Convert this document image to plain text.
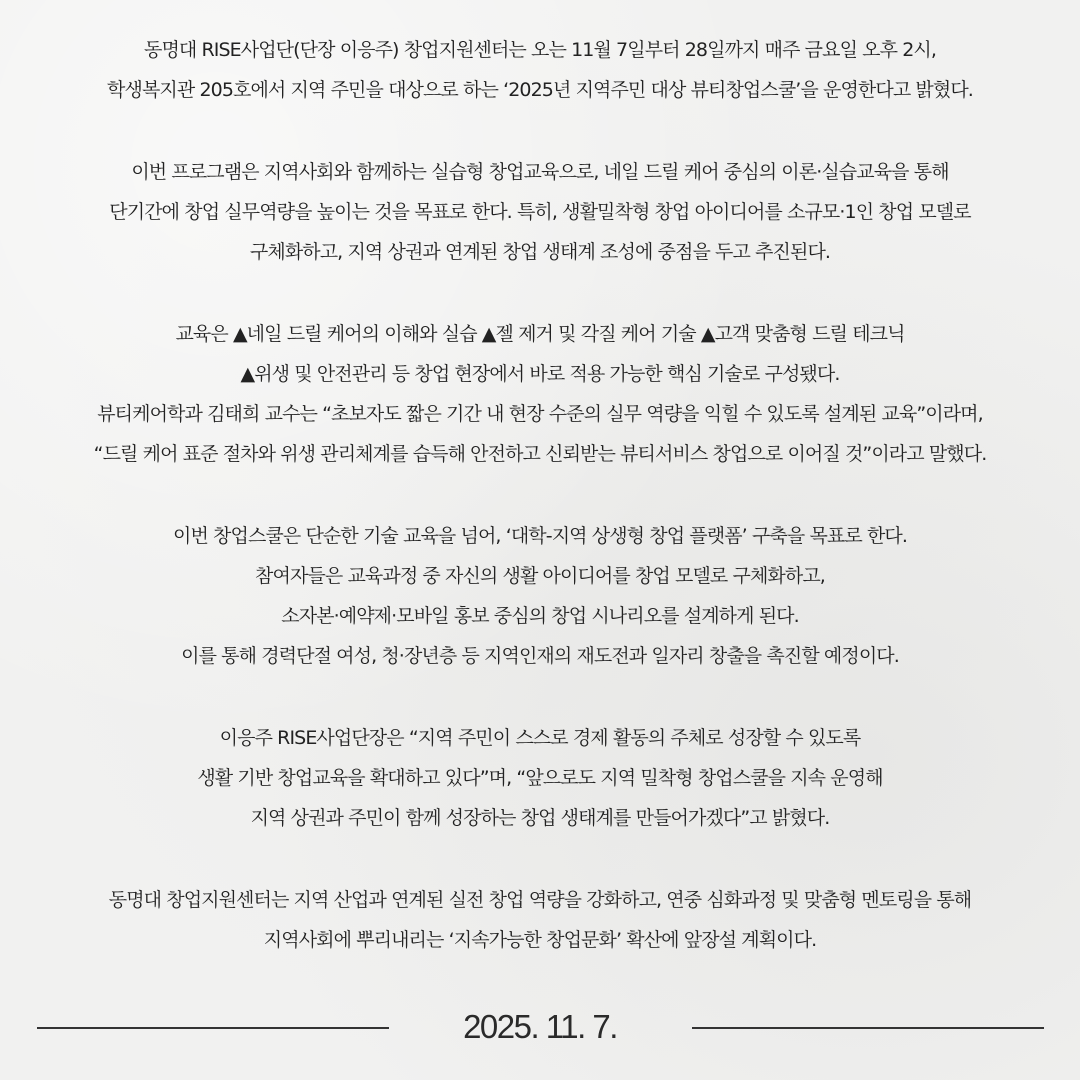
동명대 RISE사업단(단장 이응주) 창업지원센터는 오는 11월 7일부터 28일까지 매주 금요일 오후 2시,
학생복지관 205호에서 지역 주민을 대상으로 하는 ‘2025년 지역주민 대상 뷰티창업스쿨’을 운영한다고 밝혔다.

이번 프로그램은 지역사회와 함께하는 실습형 창업교육으로, 네일 드릴 케어 중심의 이론·실습교육을 통해
단기간에 창업 실무역량을 높이는 것을 목표로 한다. 특히, 생활밀착형 창업 아이디어를 소규모·1인 창업 모델로
구체화하고, 지역 상권과 연계된 창업 생태계 조성에 중점을 두고 추진된다.

교육은 ▲네일 드릴 케어의 이해와 실습 ▲젤 제거 및 각질 케어 기술 ▲고객 맞춤형 드릴 테크닉
▲위생 및 안전관리 등 창업 현장에서 바로 적용 가능한 핵심 기술로 구성됐다.
뷰티케어학과 김태희 교수는 “초보자도 짧은 기간 내 현장 수준의 실무 역량을 익힐 수 있도록 설계된 교육”이라며,
“드릴 케어 표준 절차와 위생 관리체계를 습득해 안전하고 신뢰받는 뷰티서비스 창업으로 이어질 것”이라고 말했다.

이번 창업스쿨은 단순한 기술 교육을 넘어, ‘대학-지역 상생형 창업 플랫폼’ 구축을 목표로 한다.
참여자들은 교육과정 중 자신의 생활 아이디어를 창업 모델로 구체화하고,
소자본·예약제·모바일 홍보 중심의 창업 시나리오를 설계하게 된다.
이를 통해 경력단절 여성, 청·장년층 등 지역인재의 재도전과 일자리 창출을 촉진할 예정이다.

이응주 RISE사업단장은 “지역 주민이 스스로 경제 활동의 주체로 성장할 수 있도록
생활 기반 창업교육을 확대하고 있다”며, “앞으로도 지역 밀착형 창업스쿨을 지속 운영해
지역 상권과 주민이 함께 성장하는 창업 생태계를 만들어가겠다”고 밝혔다.

동명대 창업지원센터는 지역 산업과 연계된 실전 창업 역량을 강화하고, 연중 심화과정 및 맞춤형 멘토링을 통해
지역사회에 뿌리내리는 ‘지속가능한 창업문화’ 확산에 앞장설 계획이다.

2025. 11. 7.
